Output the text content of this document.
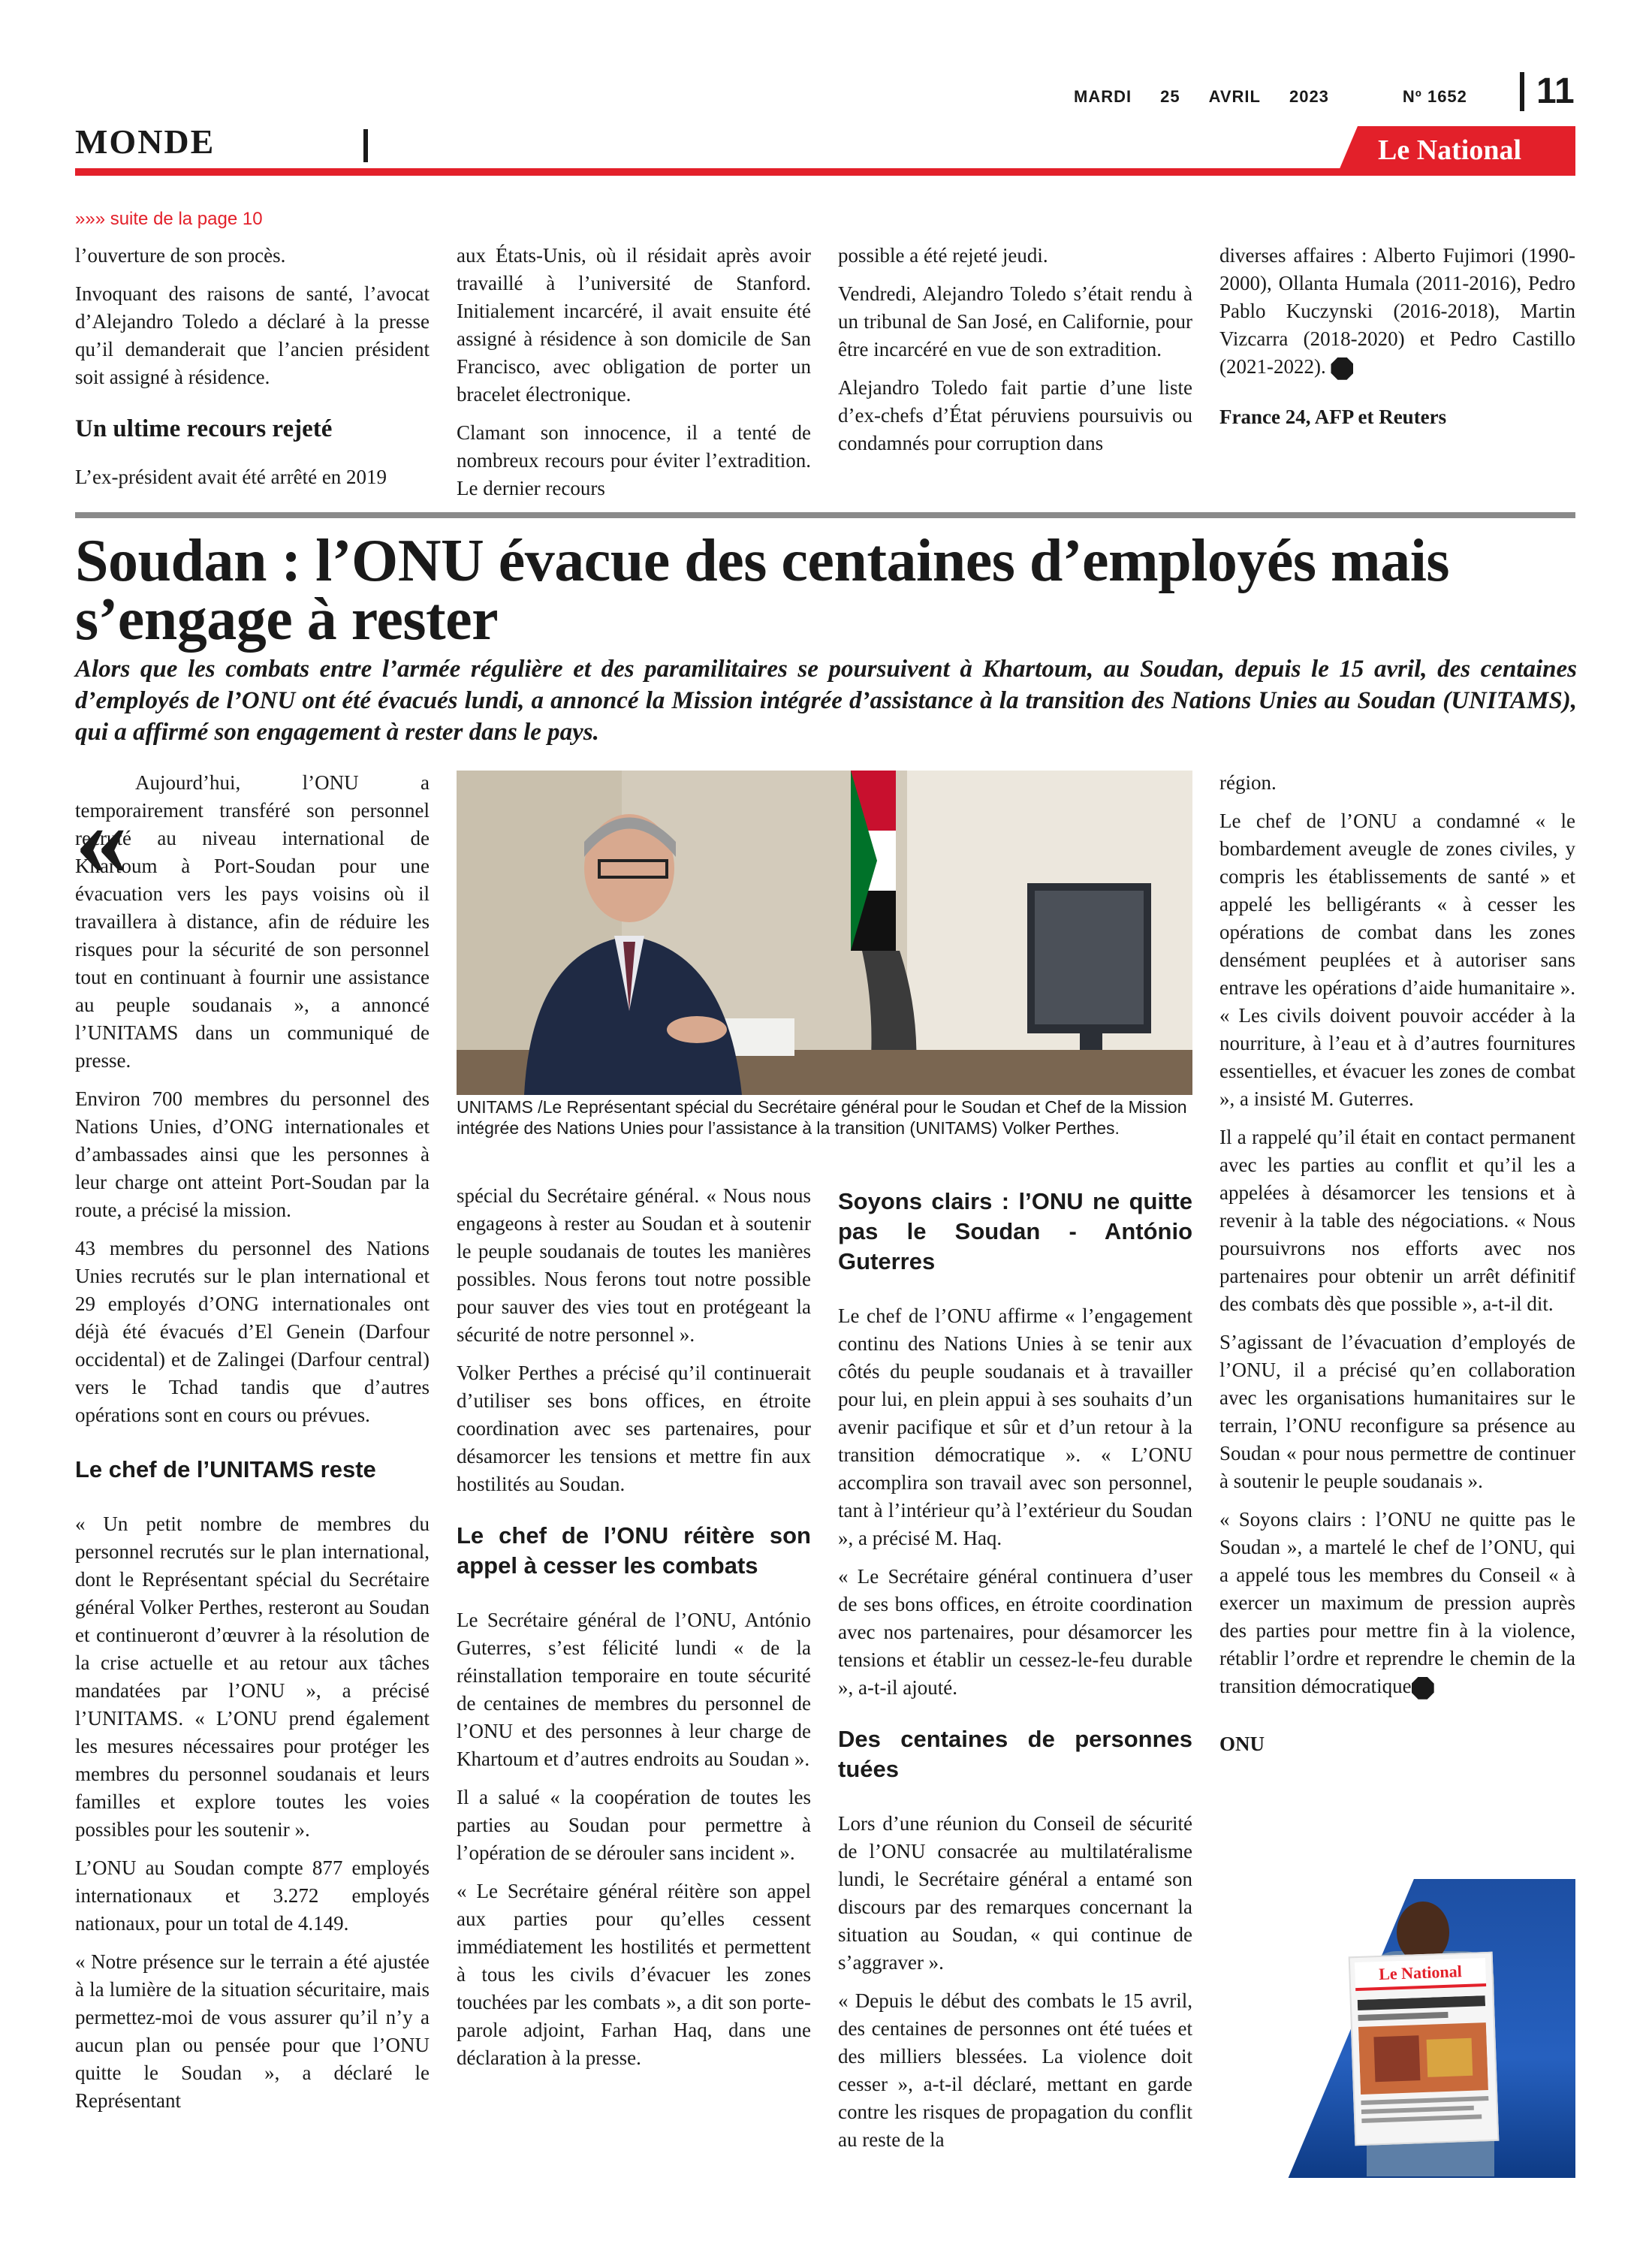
MARDI 25 AVRIL 2023	Nº 1652	11
MONDE	Le National
»»» suite de la page 10

l’ouverture de son procès.

Invoquant des raisons de santé, l’avocat d’Alejandro Toledo a déclaré à la presse qu’il demanderait que l’ancien président soit assigné à résidence.

Un ultime recours rejeté

L’ex-président avait été arrêté en 2019

aux États-Unis, où il résidait après avoir travaillé à l’université de Stanford. Initialement incarcéré, il avait ensuite été assigné à résidence à son domicile de San Francisco, avec obligation de porter un bracelet électronique.

Clamant son innocence, il a tenté de nombreux recours pour éviter l’extradition. Le dernier recours

possible a été rejeté jeudi.

Vendredi, Alejandro Toledo s’était rendu à un tribunal de San José, en Californie, pour être incarcéré en vue de son extradition.

Alejandro Toledo fait partie d’une liste d’ex-chefs d’État péruviens poursuivis ou condamnés pour corruption dans

diverses affaires : Alberto Fujimori (1990-2000), Ollanta Humala (2011-2016), Pedro Pablo Kuczynski (2016-2018), Martin Vizcarra (2018-2020) et Pedro Castillo (2021-2022).

France 24, AFP et Reuters

Soudan : l’ONU évacue des centaines d’employés mais s’engage à rester
Alors que les combats entre l’armée régulière et des paramilitaires se poursuivent à Khartoum, au Soudan, depuis le 15 avril, des centaines d’employés de l’ONU ont été évacués lundi, a annoncé la Mission intégrée d’assistance à la transition des Nations Unies au Soudan (UNITAMS), qui a affirmé son engagement à rester dans le pays.
« Aujourd’hui, l’ONU a temporairement transféré son personnel recruté au niveau international de Khartoum à Port-Soudan pour une évacuation vers les pays voisins où il travaillera à distance, afin de réduire les risques pour la sécurité de son personnel tout en continuant à fournir une assistance au peuple soudanais », a annoncé l’UNITAMS dans un communiqué de presse.

Environ 700 membres du personnel des Nations Unies, d’ONG internationales et d’ambassades ainsi que les personnes à leur charge ont atteint Port-Soudan par la route, a précisé la mission.

43 membres du personnel des Nations Unies recrutés sur le plan international et 29 employés d’ONG internationales ont déjà été évacués d’El Genein (Darfour occidental) et de Zalingei (Darfour central) vers le Tchad tandis que d’autres opérations sont en cours ou prévues.

Le chef de l’UNITAMS reste

« Un petit nombre de membres du personnel recrutés sur le plan international, dont le Représentant spécial du Secrétaire général Volker Perthes, resteront au Soudan et continueront d’œuvrer à la résolution de la crise actuelle et au retour aux tâches mandatées par l’ONU », a précisé l’UNITAMS. « L’ONU prend également les mesures nécessaires pour protéger les membres du personnel soudanais et leurs familles et explore toutes les voies possibles pour les soutenir ».

L’ONU au Soudan compte 877 employés internationaux et 3.272 employés nationaux, pour un total de 4.149.

« Notre présence sur le terrain a été ajustée à la lumière de la situation sécuritaire, mais permettez-moi de vous assurer qu’il n’y a aucun plan ou pensée pour que l’ONU quitte le Soudan », a déclaré le Représentant

UNITAMS /Le Représentant spécial du Secrétaire général pour le Soudan et Chef de la Mission intégrée des Nations Unies pour l’assistance à la transition (UNITAMS) Volker Perthes.

spécial du Secrétaire général. « Nous nous engageons à rester au Soudan et à soutenir le peuple soudanais de toutes les manières possibles. Nous ferons tout notre possible pour sauver des vies tout en protégeant la sécurité de notre personnel ».

Volker Perthes a précisé qu’il continuerait d’utiliser ses bons offices, en étroite coordination avec ses partenaires, pour désamorcer les tensions et mettre fin aux hostilités au Soudan.

Le chef de l’ONU réitère son appel à cesser les combats

Le Secrétaire général de l’ONU, António Guterres, s’est félicité lundi « de la réinstallation temporaire en toute sécurité de centaines de membres du personnel de l’ONU et des personnes à leur charge de Khartoum et d’autres endroits au Soudan ».

Il a salué « la coopération de toutes les parties au Soudan pour permettre à l’opération de se dérouler sans incident ».

« Le Secrétaire général réitère son appel aux parties pour qu’elles cessent immédiatement les hostilités et permettent à tous les civils d’évacuer les zones touchées par les combats », a dit son porte-parole adjoint, Farhan Haq, dans une déclaration à la presse.

Soyons clairs : l’ONU ne quitte pas le Soudan - António Guterres

Le chef de l’ONU affirme « l’engagement continu des Nations Unies à se tenir aux côtés du peuple soudanais et à travailler pour lui, en plein appui à ses souhaits d’un avenir pacifique et sûr et d’un retour à la transition démocratique ». « L’ONU accomplira son travail avec son personnel, tant à l’intérieur qu’à l’extérieur du Soudan », a précisé M. Haq.

« Le Secrétaire général continuera d’user de ses bons offices, en étroite coordination avec nos partenaires, pour désamorcer les tensions et établir un cessez-le-feu durable », a-t-il ajouté.

Des centaines de personnes tuées

Lors d’une réunion du Conseil de sécurité de l’ONU consacrée au multilatéralisme lundi, le Secrétaire général a entamé son discours par des remarques concernant la situation au Soudan, « qui continue de s’aggraver ».

« Depuis le début des combats le 15 avril, des centaines de personnes ont été tuées et des milliers blessées. La violence doit cesser », a-t-il déclaré, mettant en garde contre les risques de propagation du conflit au reste de la

région.

Le chef de l’ONU a condamné « le bombardement aveugle de zones civiles, y compris les établissements de santé » et appelé les belligérants « à cesser les opérations de combat dans les zones densément peuplées et à autoriser sans entrave les opérations d’aide humanitaire ». « Les civils doivent pouvoir accéder à la nourriture, à l’eau et à d’autres fournitures essentielles, et évacuer les zones de combat », a insisté M. Guterres.

Il a rappelé qu’il était en contact permanent avec les parties au conflit et qu’il les a appelées à désamorcer les tensions et à revenir à la table des négociations. « Nous poursuivrons nos efforts avec nos partenaires pour obtenir un arrêt définitif des combats dès que possible », a-t-il dit.

S’agissant de l’évacuation d’employés de l’ONU, il a précisé qu’en collaboration avec les organisations humanitaires sur le terrain, l’ONU reconfigure sa présence au Soudan « pour nous permettre de continuer à soutenir le peuple soudanais ».

« Soyons clairs : l’ONU ne quitte pas le Soudan », a martelé le chef de l’ONU, qui a appelé tous les membres du Conseil « à exercer un maximum de pression auprès des parties pour mettre fin à la violence, rétablir l’ordre et reprendre le chemin de la transition démocratique

ONU

Le National
